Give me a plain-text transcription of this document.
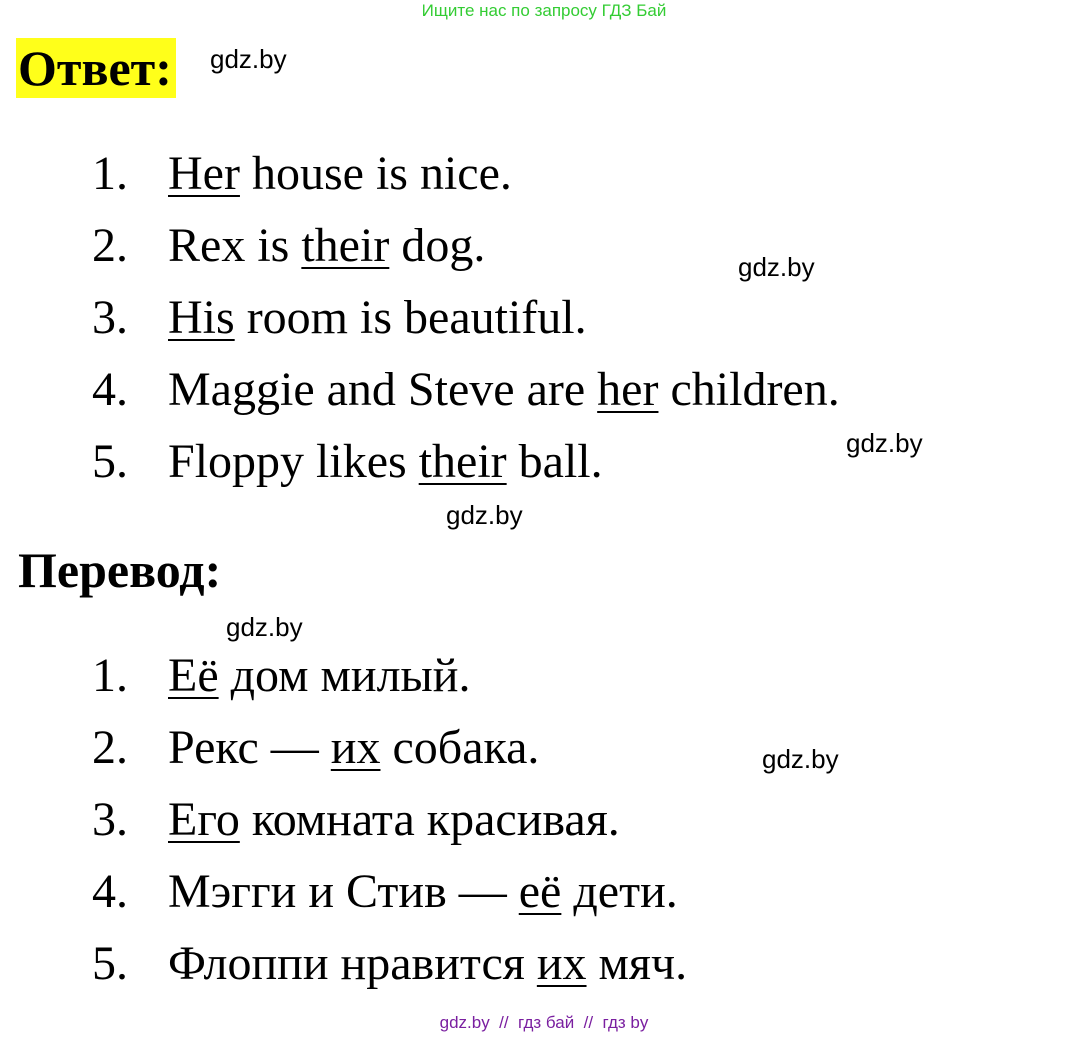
Ищите нас по запросу ГДЗ Бай
Ответ: gdz.by
1. Her house is nice.
2. Rex is their dog.
3. His room is beautiful.
4. Maggie and Steve are her children.
5. Floppy likes their ball.
gdz.by
gdz.by
gdz.by
Перевод:
gdz.by
1. Её дом милый.
2. Рекс — их собака.
3. Его комната красивая.
4. Мэгги и Стив — её дети.
5. Флоппи нравится их мяч.
gdz.by
gdz.by  //  гдз бай  //  гдз by
